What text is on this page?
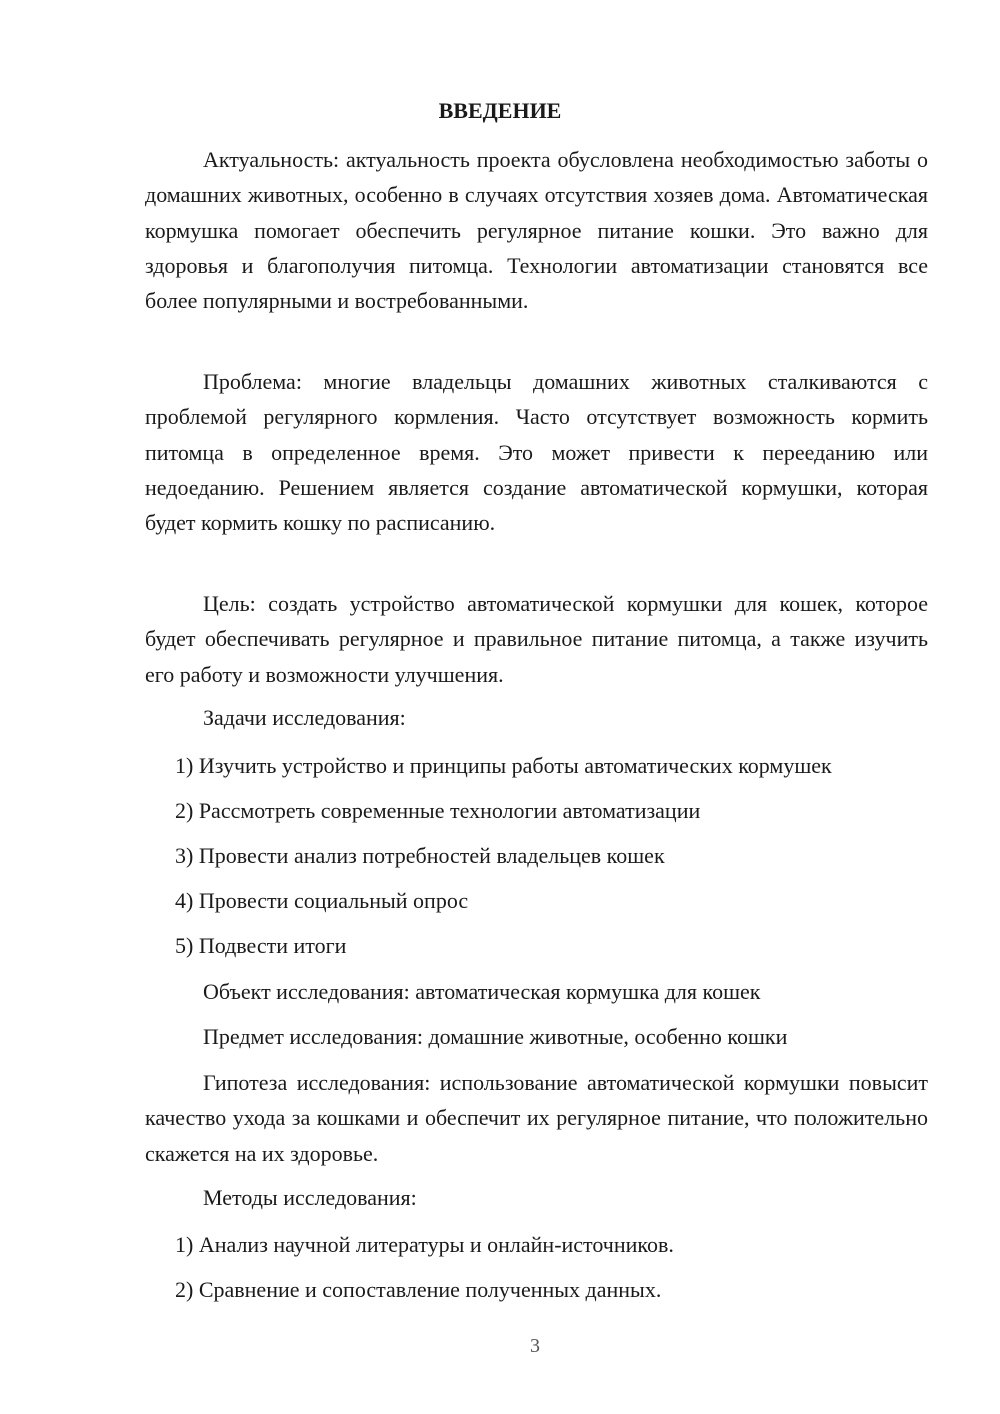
ВВЕДЕНИЕ

Актуальность: актуальность проекта обусловлена необходимостью заботы о домашних животных, особенно в случаях отсутствия хозяев дома. Автоматическая кормушка помогает обеспечить регулярное питание кошки. Это важно для здоровья и благополучия питомца. Технологии автоматизации становятся все более популярными и востребованными.

Проблема: многие владельцы домашних животных сталкиваются с проблемой регулярного кормления. Часто отсутствует возможность кормить питомца в определенное время. Это может привести к перееданию или недоеданию. Решением является создание автоматической кормушки, которая будет кормить кошку по расписанию.

Цель: создать устройство автоматической кормушки для кошек, которое будет обеспечивать регулярное и правильное питание питомца, а также изучить его работу и возможности улучшения.

Задачи исследования:
1) Изучить устройство и принципы работы автоматических кормушек
2) Рассмотреть современные технологии автоматизации
3) Провести анализ потребностей владельцев кошек
4) Провести социальный опрос
5) Подвести итоги
Объект исследования: автоматическая кормушка для кошек
Предмет исследования: домашние животные, особенно кошки

Гипотеза исследования: использование автоматической кормушки повысит качество ухода за кошками и обеспечит их регулярное питание, что положительно скажется на их здоровье.

Методы исследования:
1) Анализ научной литературы и онлайн-источников.
2) Сравнение и сопоставление полученных данных.
3
